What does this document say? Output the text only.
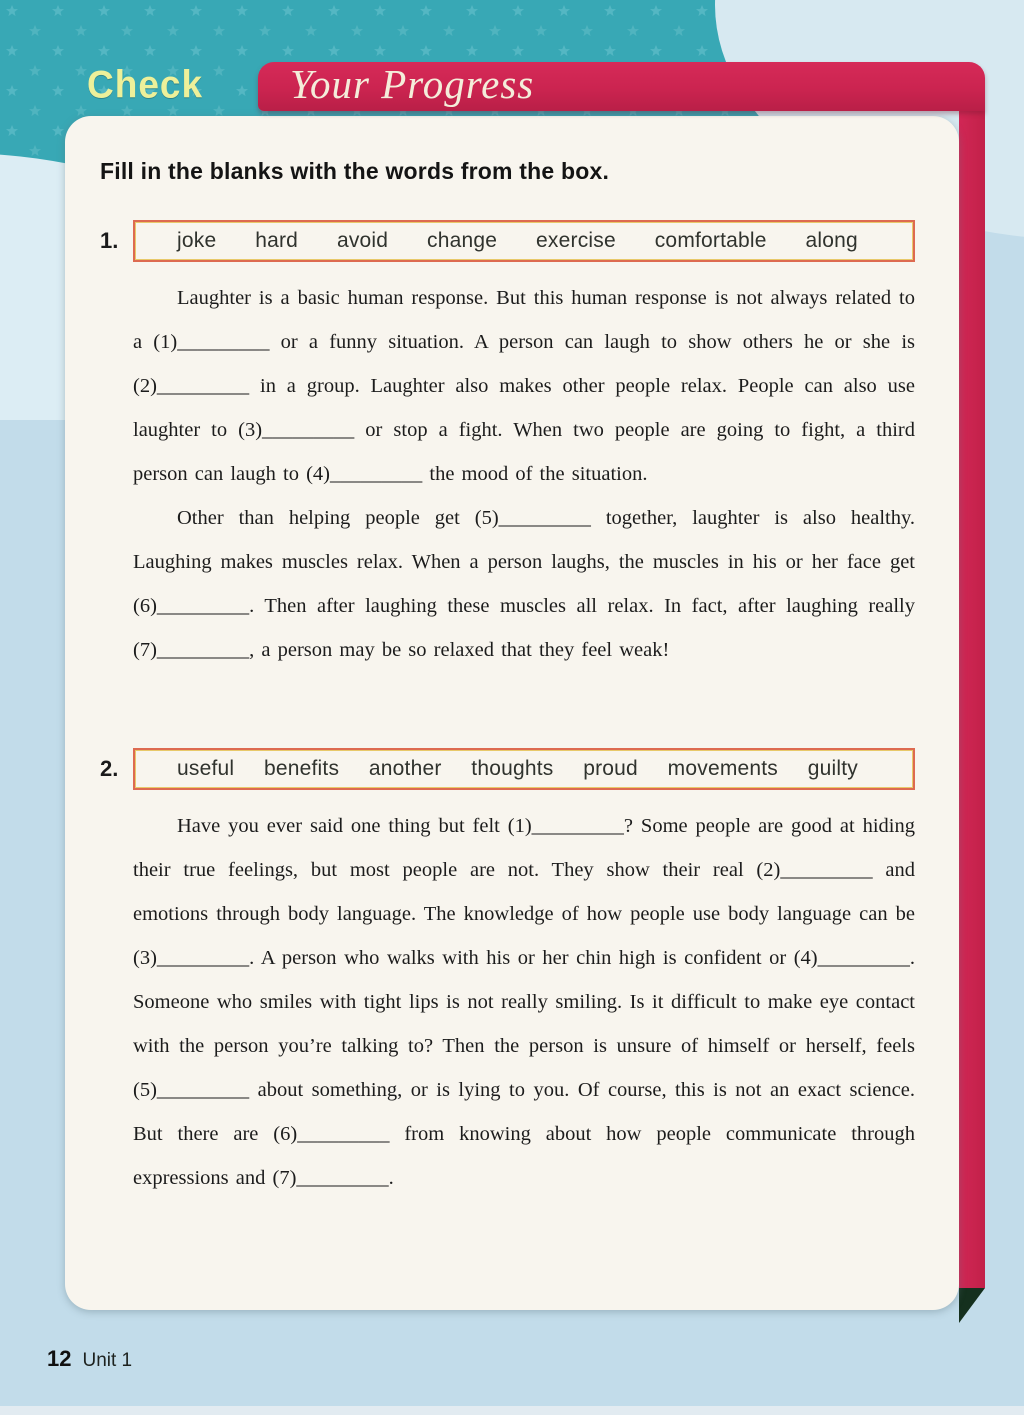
Check	Your Progress
Fill in the blanks with the words from the box.
1.	joke hard avoid change exercise comfortable along

Laughter is a basic human response. But this human response is not always related to a (1)_________ or a funny situation. A person can laugh to show others he or she is (2)_________ in a group. Laughter also makes other people relax. People can also use laughter to (3)_________ or stop a fight. When two people are going to fight, a third person can laugh to (4)_________ the mood of the situation.

Other than helping people get (5)_________ together, laughter is also healthy. Laughing makes muscles relax. When a person laughs, the muscles in his or her face get (6)_________. Then after laughing these muscles all relax. In fact, after laughing really (7)_________, a person may be so relaxed that they feel weak!

2.	useful benefits another thoughts proud movements guilty

Have you ever said one thing but felt (1)_________? Some people are good at hiding their true feelings, but most people are not. They show their real (2)_________ and emotions through body language. The knowledge of how people use body language can be (3)_________. A person who walks with his or her chin high is confident or (4)_________. Someone who smiles with tight lips is not really smiling. Is it difficult to make eye contact with the person you’re talking to? Then the person is unsure of himself or herself, feels (5)_________ about something, or is lying to you. Of course, this is not an exact science. But there are (6)_________ from knowing about how people communicate through expressions and (7)_________.

12 Unit 1
